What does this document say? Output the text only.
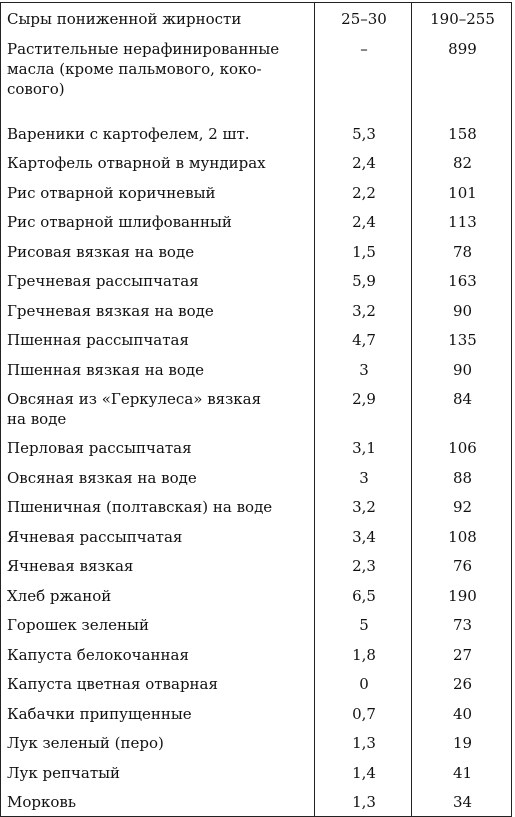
Сыры пониженной жирности	25–30	190–255

Растительные нерафинированные
масла (кроме пальмового, коко-
сового)	–	899

Вареники с картофелем, 2 шт.	5,3	158

Картофель отварной в мундирах	2,4	82

Рис отварной коричневый	2,2	101

Рис отварной шлифованный	2,4	113

Рисовая вязкая на воде	1,5	78

Гречневая рассыпчатая	5,9	163

Гречневая вязкая на воде	3,2	90

Пшенная рассыпчатая	4,7	135

Пшенная вязкая на воде	3	90

Овсяная из «Геркулеса» вязкая
на воде	2,9	84

Перловая рассыпчатая	3,1	106

Овсяная вязкая на воде	3	88

Пшеничная (полтавская) на воде	3,2	92

Ячневая рассыпчатая	3,4	108

Ячневая вязкая	2,3	76

Хлеб ржаной	6,5	190

Горошек зеленый	5	73

Капуста белокочанная	1,8	27

Капуста цветная отварная	0	26

Кабачки припущенные	0,7	40

Лук зеленый (перо)	1,3	19

Лук репчатый	1,4	41

Морковь	1,3	34
